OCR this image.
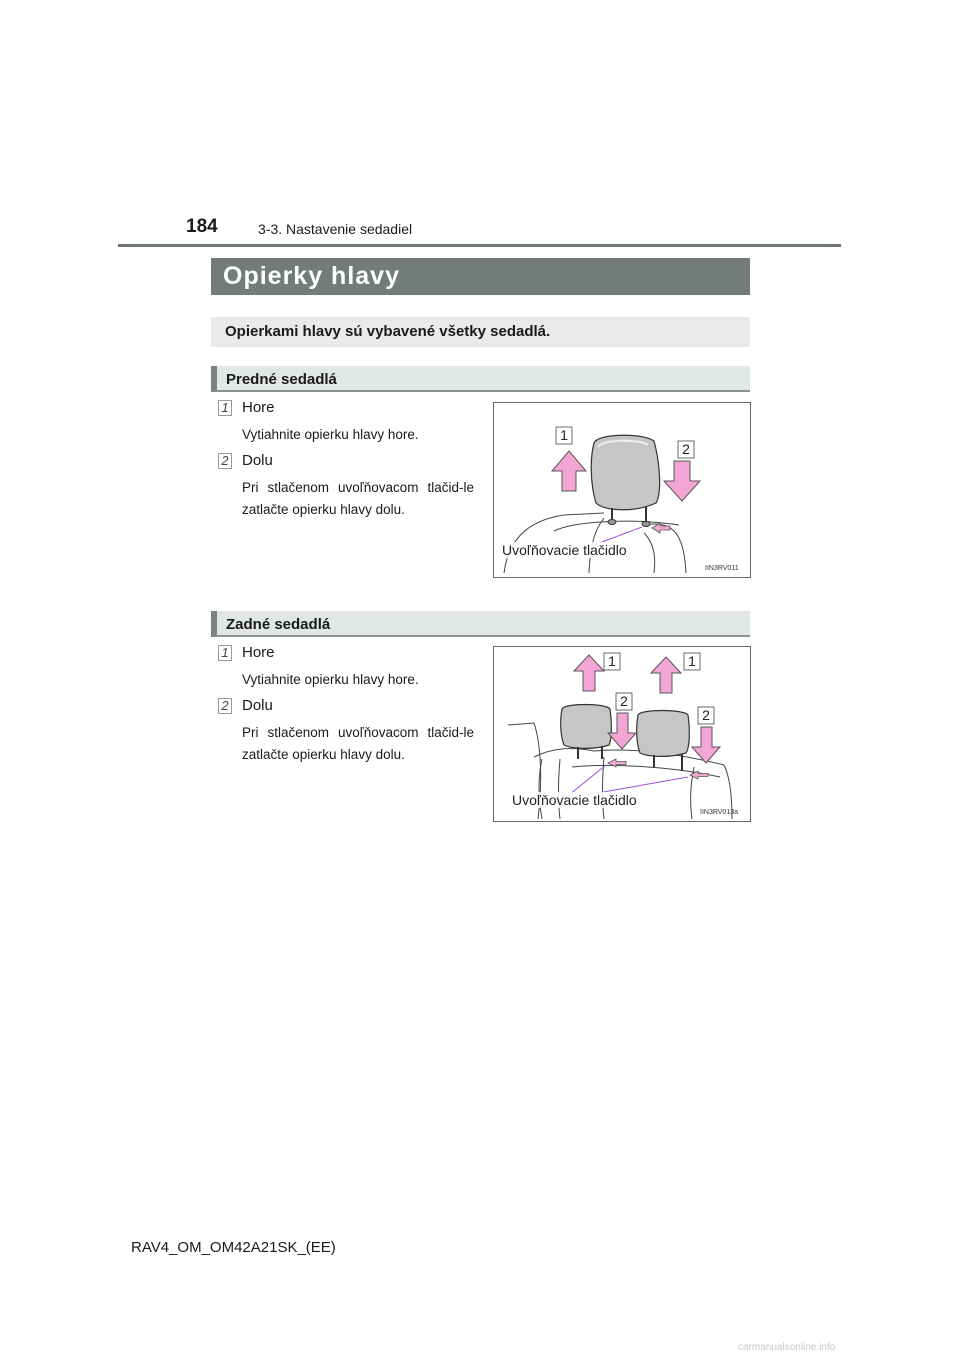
184	3-3. Nastavenie sedadiel
Opierky hlavy
Opierkami hlavy sú vybavené všetky sedadlá.
Predné sedadlá
1 Hore
Vytiahnite opierku hlavy hore.
2 Dolu
Pri stlačenom uvoľňovacom tlačid-le zatlačte opierku hlavy dolu.
1
2
Uvoľňovacie tlačidlo
IIN3RV011
Zadné sedadlá
1 Hore
Vytiahnite opierku hlavy hore.
2 Dolu
Pri stlačenom uvoľňovacom tlačid-le zatlačte opierku hlavy dolu.
1	1
2
2
Uvoľňovacie tlačidlo
IIN3RV013a
RAV4_OM_OM42A21SK_(EE)
carmanualsonline.info
